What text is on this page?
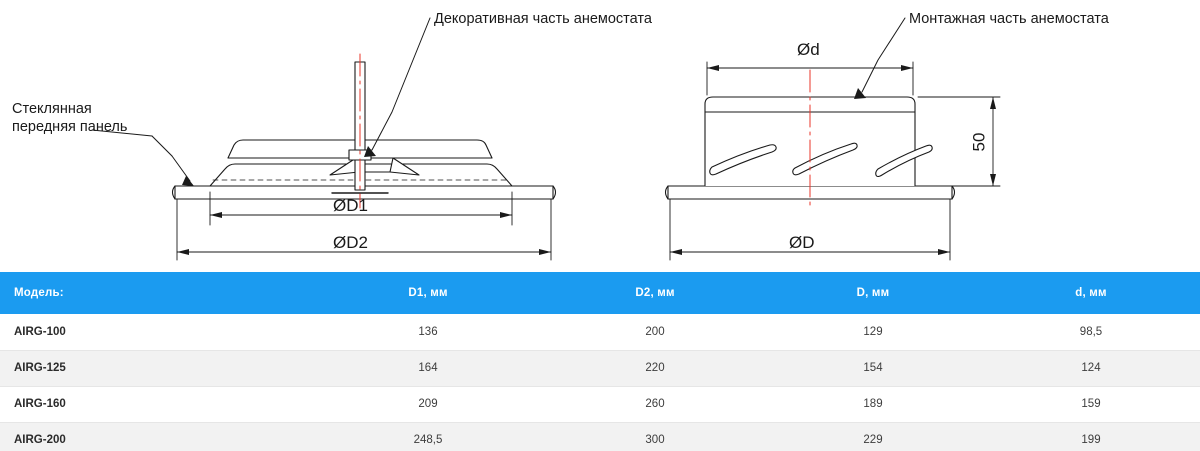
Стеклянная
передняя панель
Декоративная часть анемостата	Монтажная часть анемостата
ØD1
ØD2
Ød
ØD
50
Модель:	D1, мм	D2, мм	D, мм	d, мм
AIRG-100	136	200	129	98,5
AIRG-125	164	220	154	124
AIRG-160	209	260	189	159
AIRG-200	248,5	300	229	199
